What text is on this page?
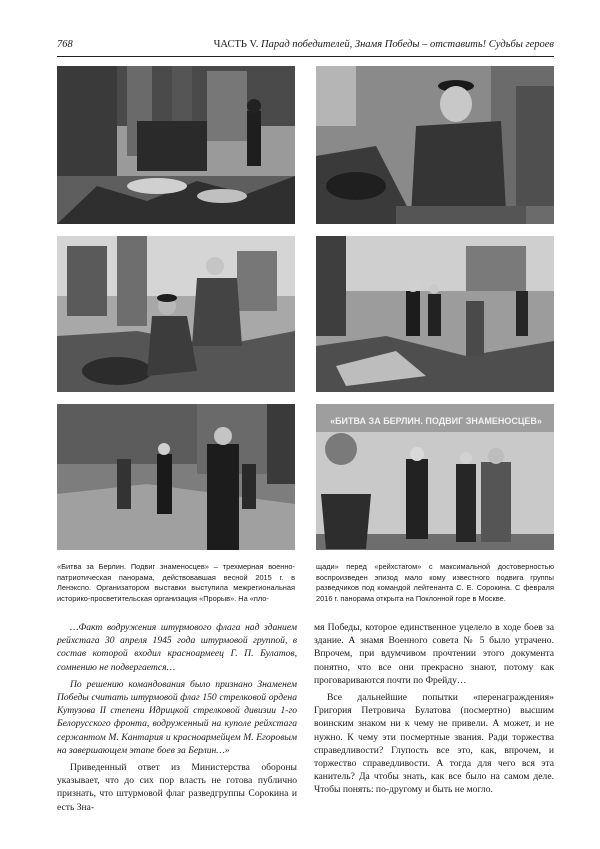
768	ЧАСТЬ V. Парад победителей, Знамя Победы – отставить! Судьбы героев
«БИТВА ЗА БЕРЛИН. ПОДВИГ ЗНАМЕНОСЦЕВ»
«Битва за Берлин. Подвиг знаменосцев» – трехмерная военно-патриотическая панорама, действовавшая весной 2015 г. в Ленэкспо. Организатором выставки выступила межрегиональная историко-просветительская организация «Прорыв». На «пло-
щади» перед «рейхстагом» с максимальной достоверностью воспроизведен эпизод мало кому известного подвига группы разведчиков под командой лейтенанта С. Е. Сорокина. С февраля 2016 г. панорама открыта на Поклонной горе в Москве.

…Факт водружения штурмового флага над зданием рейхстага 30 апреля 1945 года штурмовой группой, в состав которой входил красноармеец Г. П. Булатов, сомнению не подвергается…

По решению командования было признано Знаменем Победы считать штурмовой флаг 150 стрелковой ордена Кутузова II степени Идрицкой стрелковой дивизии 1-го Белорусского фронта, водруженный на куполе рейхстага сержантом М. Кантария и красноармейцем М. Егоровым на завершающем этапе боев за Берлин…»

Приведенный ответ из Министерства обороны указывает, что до сих пор власть не готова публично признать, что штурмовой флаг разведгруппы Сорокина и есть Зна-

мя Победы, которое единственное уцелело в ходе боев за здание. А знамя Военного совета № 5 было утрачено. Впрочем, при вдумчивом прочтении этого документа понятно, что все они прекрасно знают, потому как проговариваются почти по Фрейду…

Все дальнейшие попытки «перенаграждения» Григория Петровича Булатова (посмертно) высшим воинским знаком ни к чему не привели. А может, и не нужно. К чему эти посмертные звания. Ради торжества справедливости? Глупость все это, как, впрочем, и торжество справедливости. А тогда для чего вся эта канитель? Да чтобы знать, как все было на самом деле. Чтобы понять: по-другому и быть не могло.
